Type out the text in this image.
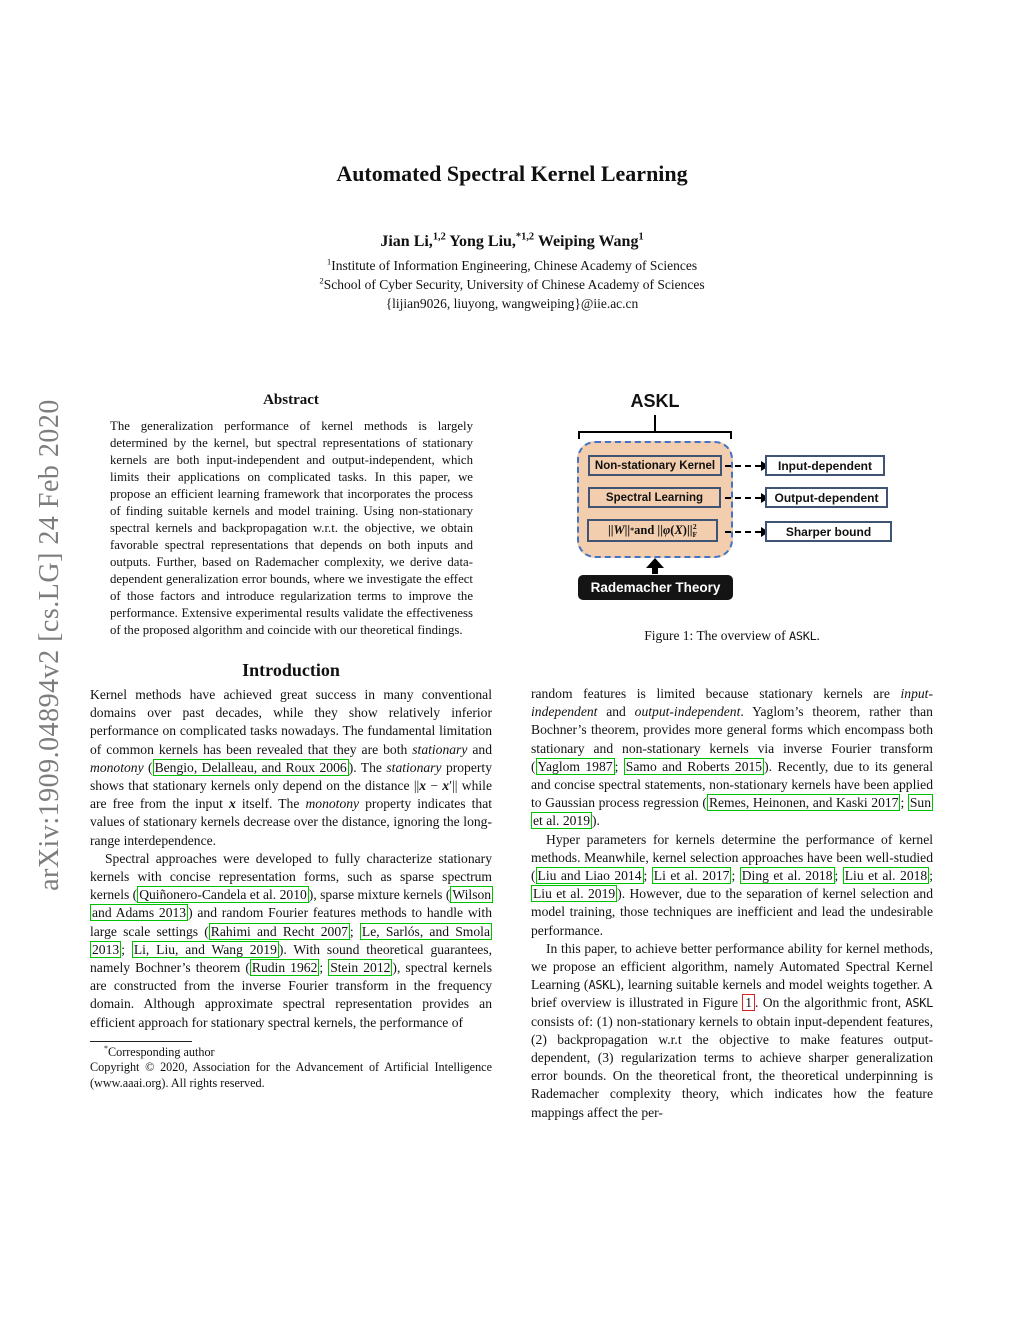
arXiv:1909.04894v2 [cs.LG] 24 Feb 2020
Automated Spectral Kernel Learning
Jian Li,$^{1,2}$ Yong Liu,$^{*1,2}$ Weiping Wang$^1$
$^1$Institute of Information Engineering, Chinese Academy of Sciences
$^2$School of Cyber Security, University of Chinese Academy of Sciences
{lijian9026, liuyong, wangweiping}@iie.ac.cn
Abstract
The generalization performance of kernel methods is largely determined by the kernel, but spectral representations of stationary kernels are both input-independent and output-independent, which limits their applications on complicated tasks. In this paper, we propose an efficient learning framework that incorporates the process of finding suitable kernels and model training. Using non-stationary spectral kernels and backpropagation w.r.t. the objective, we obtain favorable spectral representations that depends on both inputs and outputs. Further, based on Rademacher complexity, we derive data-dependent generalization error bounds, where we investigate the effect of those factors and introduce regularization terms to improve the performance. Extensive experimental results validate the effectiveness of the proposed algorithm and coincide with our theoretical findings.
Introduction

Kernel methods have achieved great success in many conventional domains over past decades, while they show relatively inferior performance on complicated tasks nowadays. The fundamental limitation of common kernels has been revealed that they are both stationary and monotony ( Bengio, Delalleau, and Roux 2006 ). The stationary property shows that stationary kernels only depend on the distance ||x − x′|| while are free from the input x itself. The monotony property indicates that values of stationary kernels decrease over the distance, ignoring the long-range interdependence.

Spectral approaches were developed to fully characterize stationary kernels with concise representation forms, such as sparse spectrum kernels ( Quiñonero-Candela et al. 2010 ), sparse mixture kernels ( Wilson and Adams 2013 ) and random Fourier features methods to handle with large scale settings ( Rahimi and Recht 2007 ; Le, Sarlós, and Smola 2013 ; Li, Liu, and Wang 2019 ). With sound theoretical guarantees, namely Bochner’s theorem ( Rudin 1962 ; Stein 2012 ), spectral kernels are constructed from the inverse Fourier transform in the frequency domain. Although approximate spectral representation provides an efficient approach for stationary spectral kernels, the performance of

*Corresponding author
Copyright © 2020, Association for the Advancement of Artificial Intelligence (www.aaai.org). All rights reserved.
ASKL
Non-stationary Kernel
Spectral Learning
|| W || * and || φ ( X )|| 2
F
Input-dependent
Output-dependent
Sharper bound
Rademacher Theory
Figure 1: The overview of ASKL.

random features is limited because stationary kernels are input-independent and output-independent. Yaglom’s theorem, rather than Bochner’s theorem, provides more general forms which encompass both stationary and non-stationary kernels via inverse Fourier transform ( Yaglom 1987 ; Samo and Roberts 2015 ). Recently, due to its general and concise spectral statements, non-stationary kernels have been applied to Gaussian process regression ( Remes, Heinonen, and Kaski 2017 ; Sun et al. 2019 ).

Hyper parameters for kernels determine the performance of kernel methods. Meanwhile, kernel selection approaches have been well-studied ( Liu and Liao 2014 ; Li et al. 2017 ; Ding et al. 2018 ; Liu et al. 2018 ; Liu et al. 2019 ). However, due to the separation of kernel selection and model training, those techniques are inefficient and lead the undesirable performance.

In this paper, to achieve better performance ability for kernel methods, we propose an efficient algorithm, namely Automated Spectral Kernel Learning (ASKL), learning suitable kernels and model weights together. A brief overview is illustrated in Figure 1 . On the algorithmic front, ASKL consists of: (1) non-stationary kernels to obtain input-dependent features, (2) backpropagation w.r.t the objective to make features output-dependent, (3) regularization terms to achieve sharper generalization error bounds. On the theoretical front, the theoretical underpinning is Rademacher complexity theory, which indicates how the feature mappings affect the per-
